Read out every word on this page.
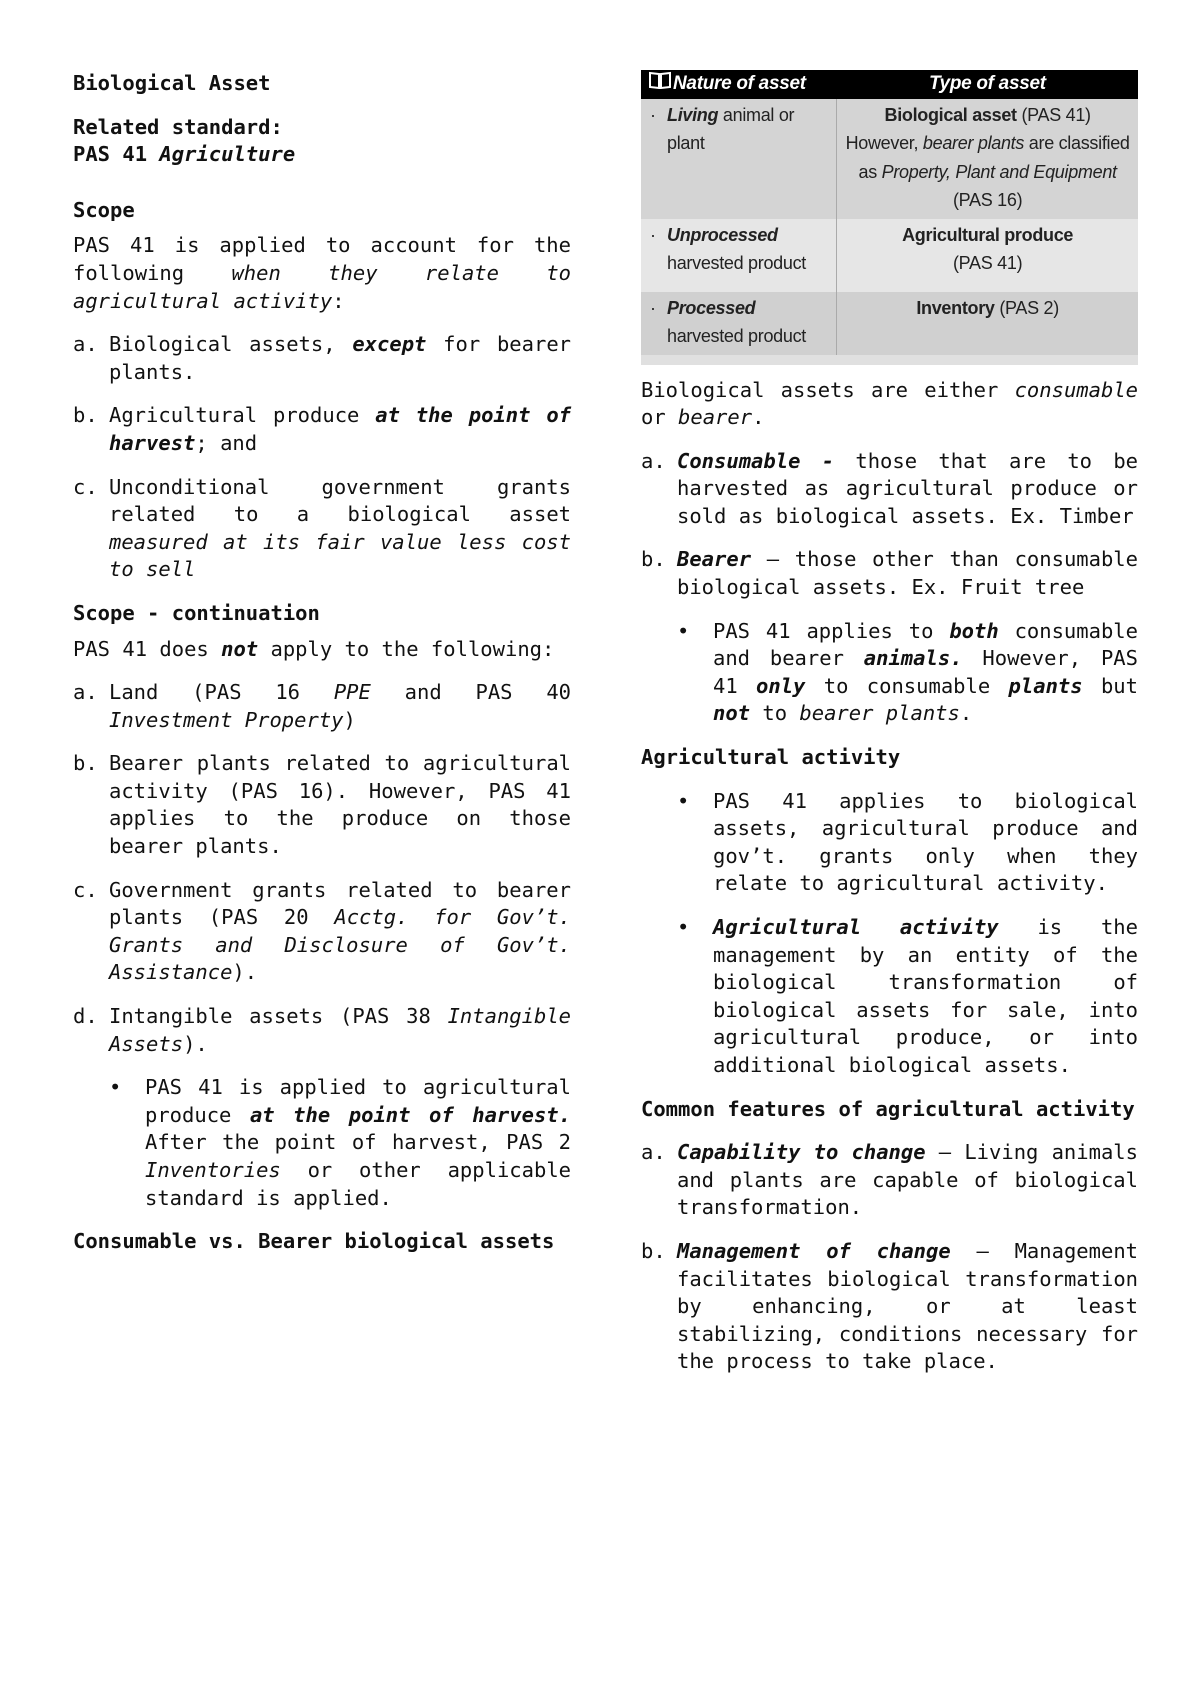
Biological Asset
Related standard:
PAS 41 Agriculture
Scope

PAS 41 is applied to account for the following when they relate to agricultural activity:

a. Biological assets, except for bearer plants.
b. Agricultural produce at the point of harvest; and
c. Unconditional government grants related to a biological asset measured at its fair value less cost to sell
Scope - continuation

PAS 41 does not apply to the following:

a. Land (PAS 16 PPE and PAS 40 Investment Property)
b. Bearer plants related to agricultural activity (PAS 16). However, PAS 41 applies to the produce on those bearer plants.
c. Government grants related to bearer plants (PAS 20 Acctg. for Gov’t. Grants and Disclosure of Gov’t. Assistance).
d. Intangible assets (PAS 38 Intangible Assets).
•	PAS 41 is applied to agricultural produce at the point of harvest. After the point of harvest, PAS 2 Inventories or other applicable standard is applied.
Consumable vs. Bearer biological assets
Nature of asset	Type of asset

· Living animal or plant	Biological asset (PAS 41)
However, bearer plants are classified as Property, Plant and Equipment (PAS 16)

· Unprocessed harvested product	Agricultural produce
(PAS 41)

· Processed harvested product	Inventory (PAS 2)

Biological assets are either consumable or bearer.

a. Consumable - those that are to be harvested as agricultural produce or sold as biological assets. Ex. Timber
b. Bearer – those other than consumable biological assets. Ex. Fruit tree
•	PAS 41 applies to both consumable and bearer animals. However, PAS 41 only to consumable plants but not to bearer plants.
Agricultural activity
•	PAS 41 applies to biological assets, agricultural produce and gov’t. grants only when they relate to agricultural activity.
•	Agricultural activity is the management by an entity of the biological transformation of biological assets for sale, into agricultural produce, or into additional biological assets.
Common features of agricultural activity
a. Capability to change – Living animals and plants are capable of biological transformation.
b. Management of change – Management facilitates biological transformation by enhancing, or at least stabilizing, conditions necessary for the process to take place.
